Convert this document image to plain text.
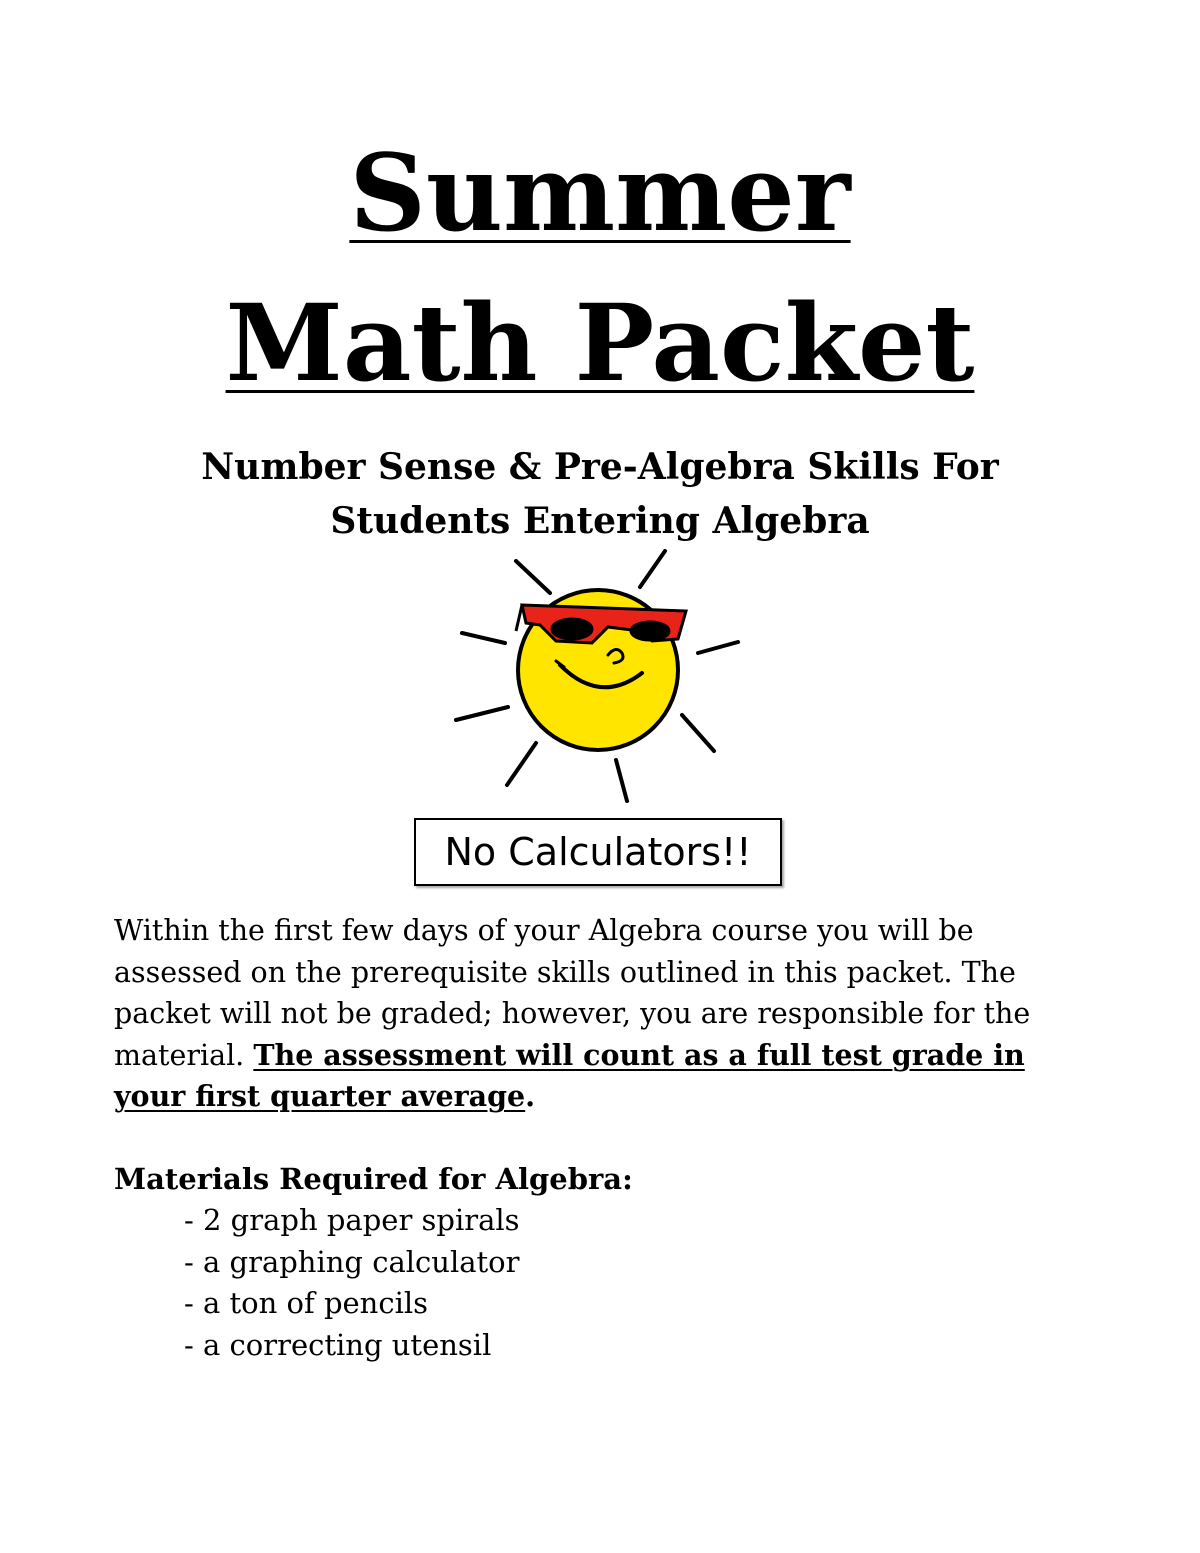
Summer
Math Packet
Number Sense & Pre-Algebra Skills For
Students Entering Algebra
No Calculators!!

Within the first few days of your Algebra course you will be assessed on the prerequisite skills outlined in this packet. The packet will not be graded; however, you are responsible for the material. The assessment will count as a full test grade in your first quarter average.

Materials Required for Algebra:

- 2 graph paper spirals
- a graphing calculator
- a ton of pencils
- a correcting utensil
